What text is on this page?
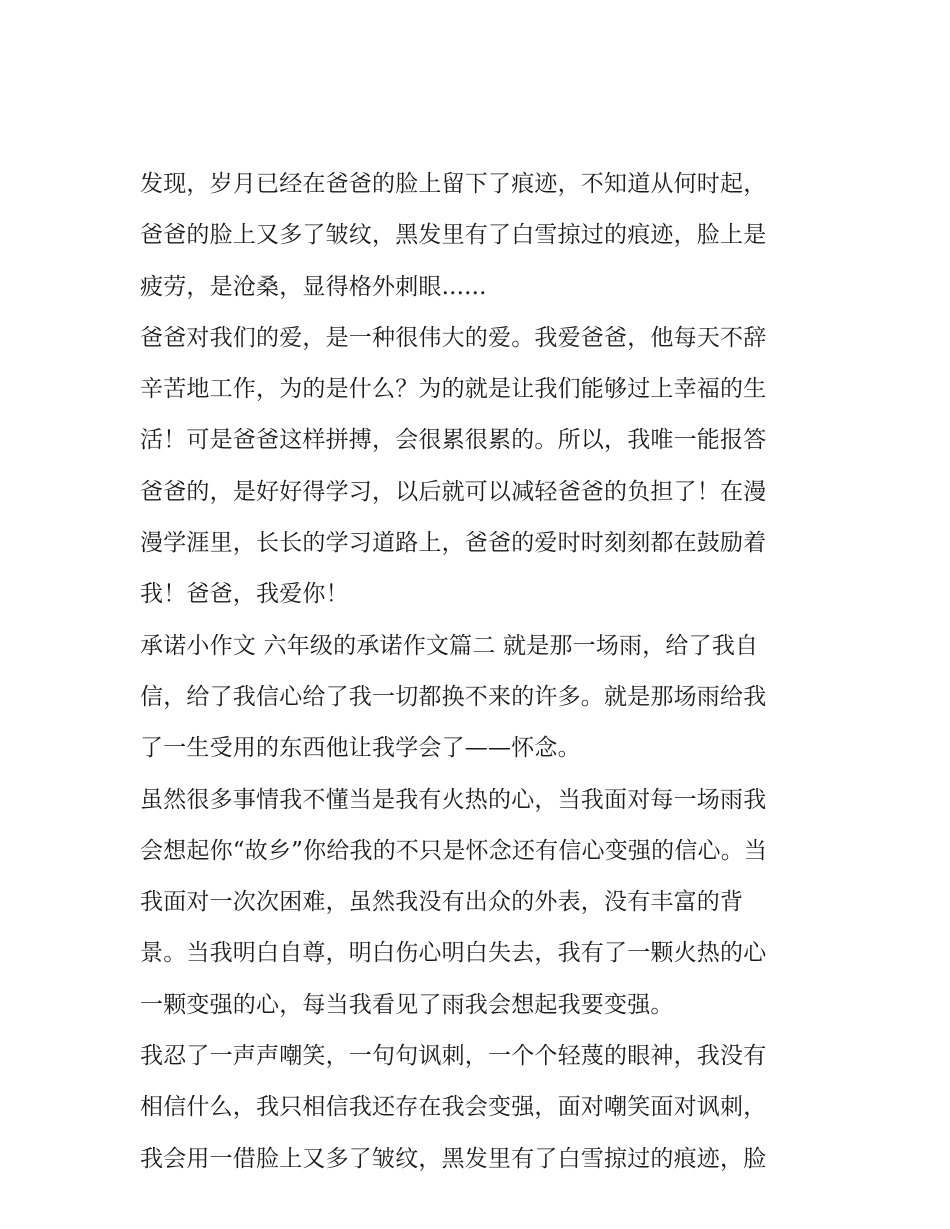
发现，岁月已经在爸爸的脸上留下了痕迹，不知道从何时起，
爸爸的脸上又多了皱纹，黑发里有了白雪掠过的痕迹，脸上是
疲劳，是沧桑，显得格外刺眼......
爸爸对我们的爱，是一种很伟大的爱。我爱爸爸，他每天不辞
辛苦地工作，为的是什么？为的就是让我们能够过上幸福的生
活！可是爸爸这样拼搏，会很累很累的。所以，我唯一能报答
爸爸的，是好好得学习，以后就可以减轻爸爸的负担了！在漫
漫学涯里，长长的学习道路上，爸爸的爱时时刻刻都在鼓励着
我！爸爸，我爱你！
承诺小作文 六年级的承诺作文篇二 就是那一场雨，给了我自
信，给了我信心给了我一切都换不来的许多。就是那场雨给我
了一生受用的东西他让我学会了——怀念。
虽然很多事情我不懂当是我有火热的心，当我面对每一场雨我
会想起你“故乡”你给我的不只是怀念还有信心变强的信心。当
我面对一次次困难，虽然我没有出众的外表，没有丰富的背
景。当我明白自尊，明白伤心明白失去，我有了一颗火热的心
一颗变强的心，每当我看见了雨我会想起我要变强。
我忍了一声声嘲笑，一句句讽刺，一个个轻蔑的眼神，我没有
相信什么，我只相信我还存在我会变强，面对嘲笑面对讽刺，
我会用一借脸上又多了皱纹，黑发里有了白雪掠过的痕迹，脸
